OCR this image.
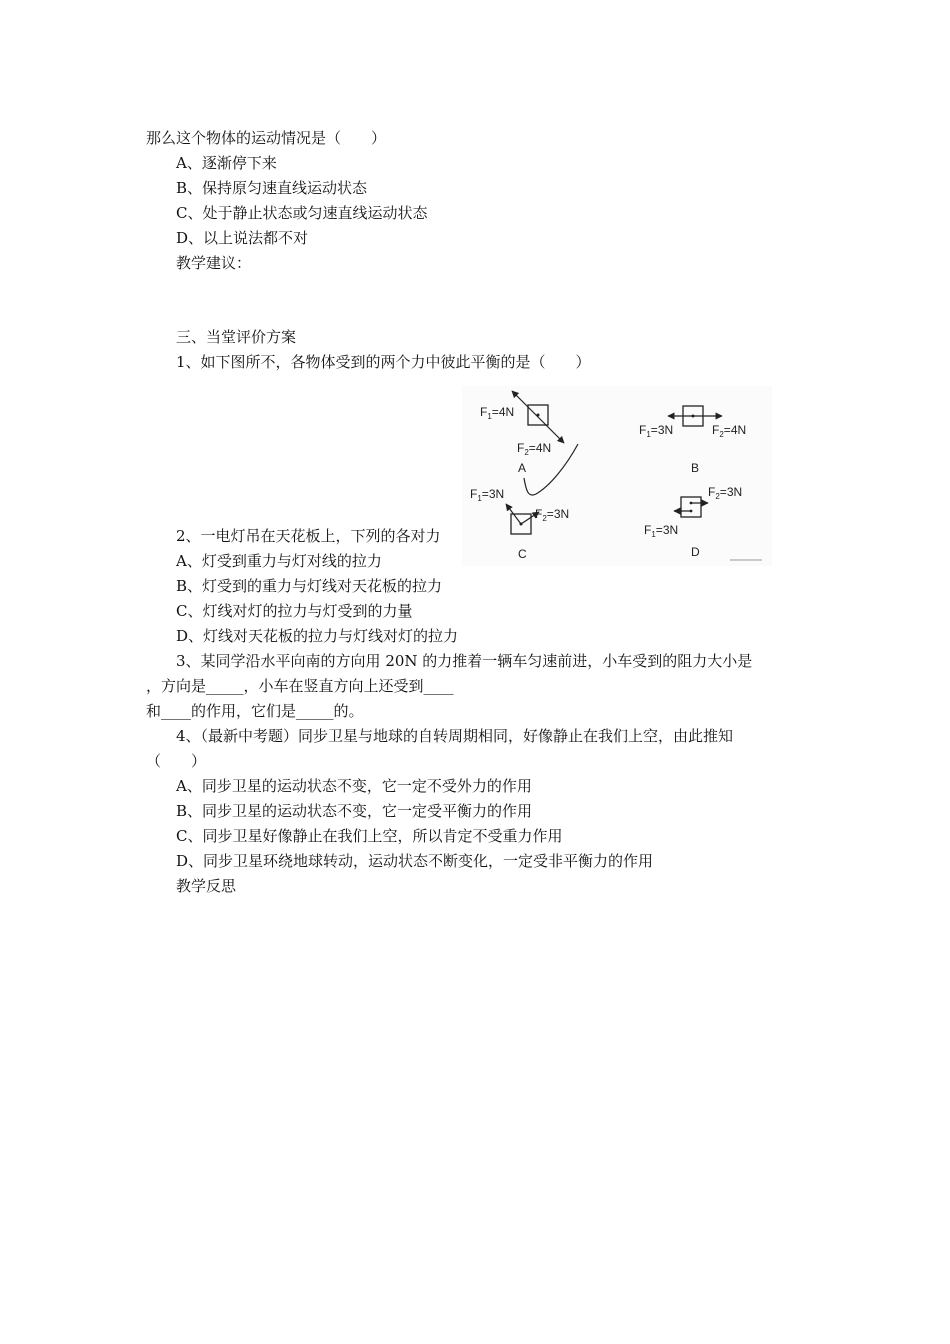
那么这个物体的运动情况是（　　）
A、逐渐停下来
B、保持原匀速直线运动状态
C、处于静止状态或匀速直线运动状态
D、以上说法都不对
教学建议：
三、当堂评价方案
1、如下图所不，各物体受到的两个力中彼此平衡的是（　　）
2、一电灯吊在天花板上，下列的各对力
A、灯受到重力与灯对线的拉力
B、灯受到的重力与灯线对天花板的拉力
C、灯线对灯的拉力与灯受到的力量
D、灯线对天花板的拉力与灯线对灯的拉力
3、某同学沿水平向南的方向用 20N 的力推着一辆车匀速前进，小车受到的阻力大小是
，方向是_____，小车在竖直方向上还受到____
和____的作用，它们是_____的。
4、（最新中考题）同步卫星与地球的自转周期相同，好像静止在我们上空，由此推知
（　　）
A、同步卫星的运动状态不变，它一定不受外力的作用
B、同步卫星的运动状态不变，它一定受平衡力的作用
C、同步卫星好像静止在我们上空，所以肯定不受重力作用
D、同步卫星环绕地球转动，运动状态不断变化，一定受非平衡力的作用
教学反思
$F_1=4N$
$F_2=4N$
A
$F_1=3N$	$F_2=4N$
B
$F_1=3N$
$F_2=3N$
C
$F_2=3N$
$F_1=3N$
D
